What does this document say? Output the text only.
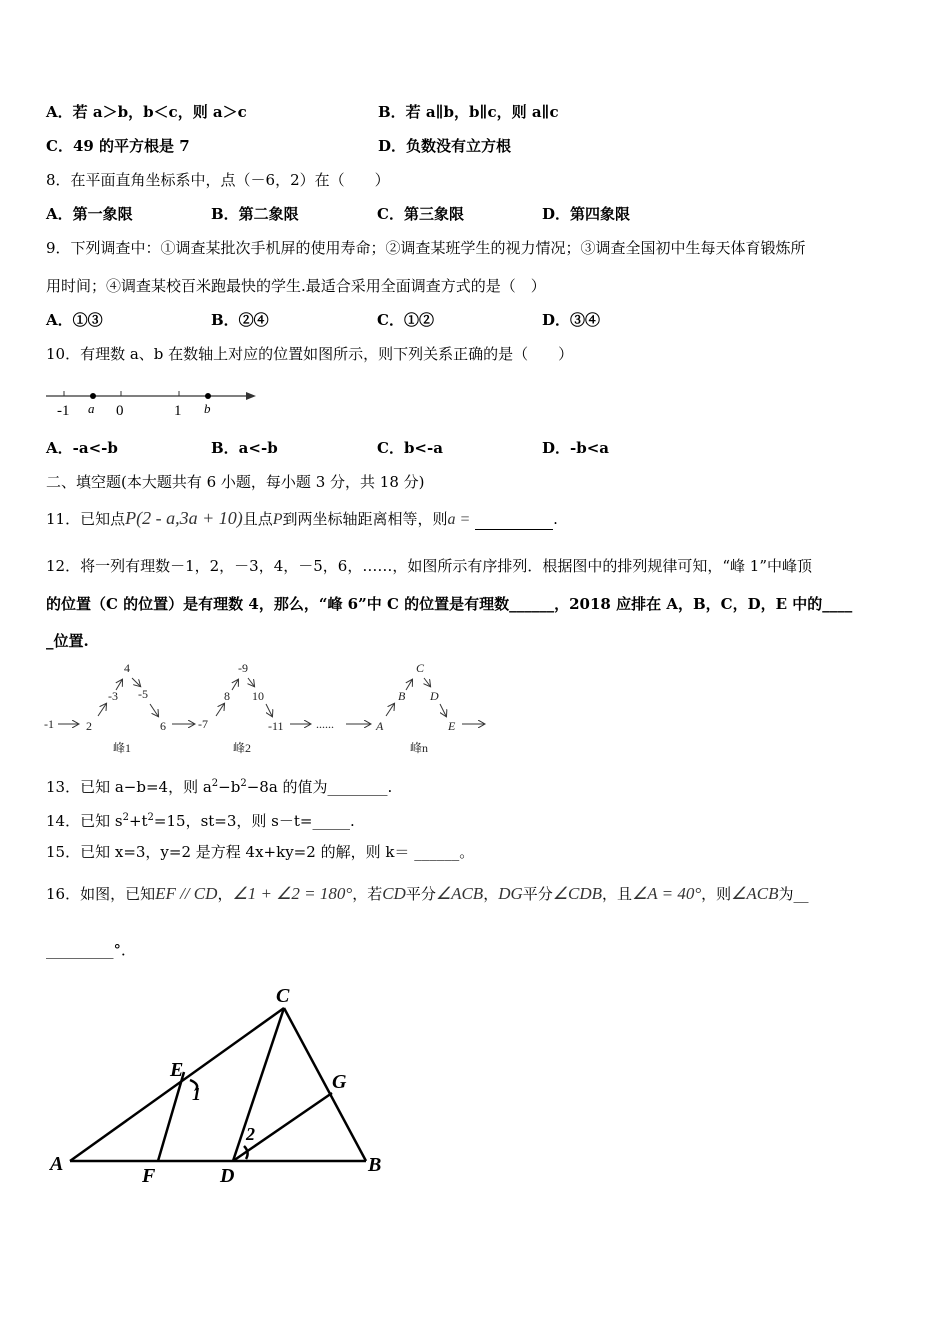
A．若 a＞b，b＜c，则 a＞c	B．若 a∥b，b∥c，则 a∥c
C．49 的平方根是 7	D．负数没有立方根
8．在平面直角坐标系中，点（－6，2）在（　　）
A．第一象限	B．第二象限	C．第三象限	D．第四象限
9．下列调查中：①调查某批次手机屏的使用寿命；②调查某班学生的视力情况；③调查全国初中生每天体育锻炼所
用时间；④调查某校百米跑最快的学生.最适合采用全面调查方式的是（　）
A．①③	B．②④	C．①②	D．③④
10．有理数 a、b 在数轴上对应的位置如图所示，则下列关系正确的是（　　）
-1 a 0	1 b
A．-a<-b	B．a<-b	C．b<-a	D．-b<a
二、填空题(本大题共有 6 小题，每小题 3 分，共 18 分)
11．已知点P(2 - a,3a + 10)且点P到两坐标轴距离相等，则a =	.
12．将一列有理数－1，2，－3，4，－5，6，……，如图所示有序排列．根据图中的排列规律可知，“峰 1”中峰顶
的位置（C 的位置）是有理数 4，那么，“峰 6”中 C 的位置是有理数______，2018 应排在 A，B，C，D，E 中的____
_位置.
-1	2
-3
4
-5
6
峰1
-7
8
-9
10
-11	......
峰2
A
B
C
D
E
峰n
13．已知 a−b=4，则 $a^2-b^2-8a$ 的值为________.
14．已知 $s^2+t^2=15$，st=3，则 s－t=_____.
15．已知 x=3，y=2 是方程 4x+ky=2 的解，则 k＝ ______。
16．如图，已知EF // CD，∠1 + ∠2 = 180°，若CD平分∠ACB，DG平分∠CDB，且∠A = 40°，则∠ACB为__
_________°．
A	B
C
D
E
F
G
1
2
